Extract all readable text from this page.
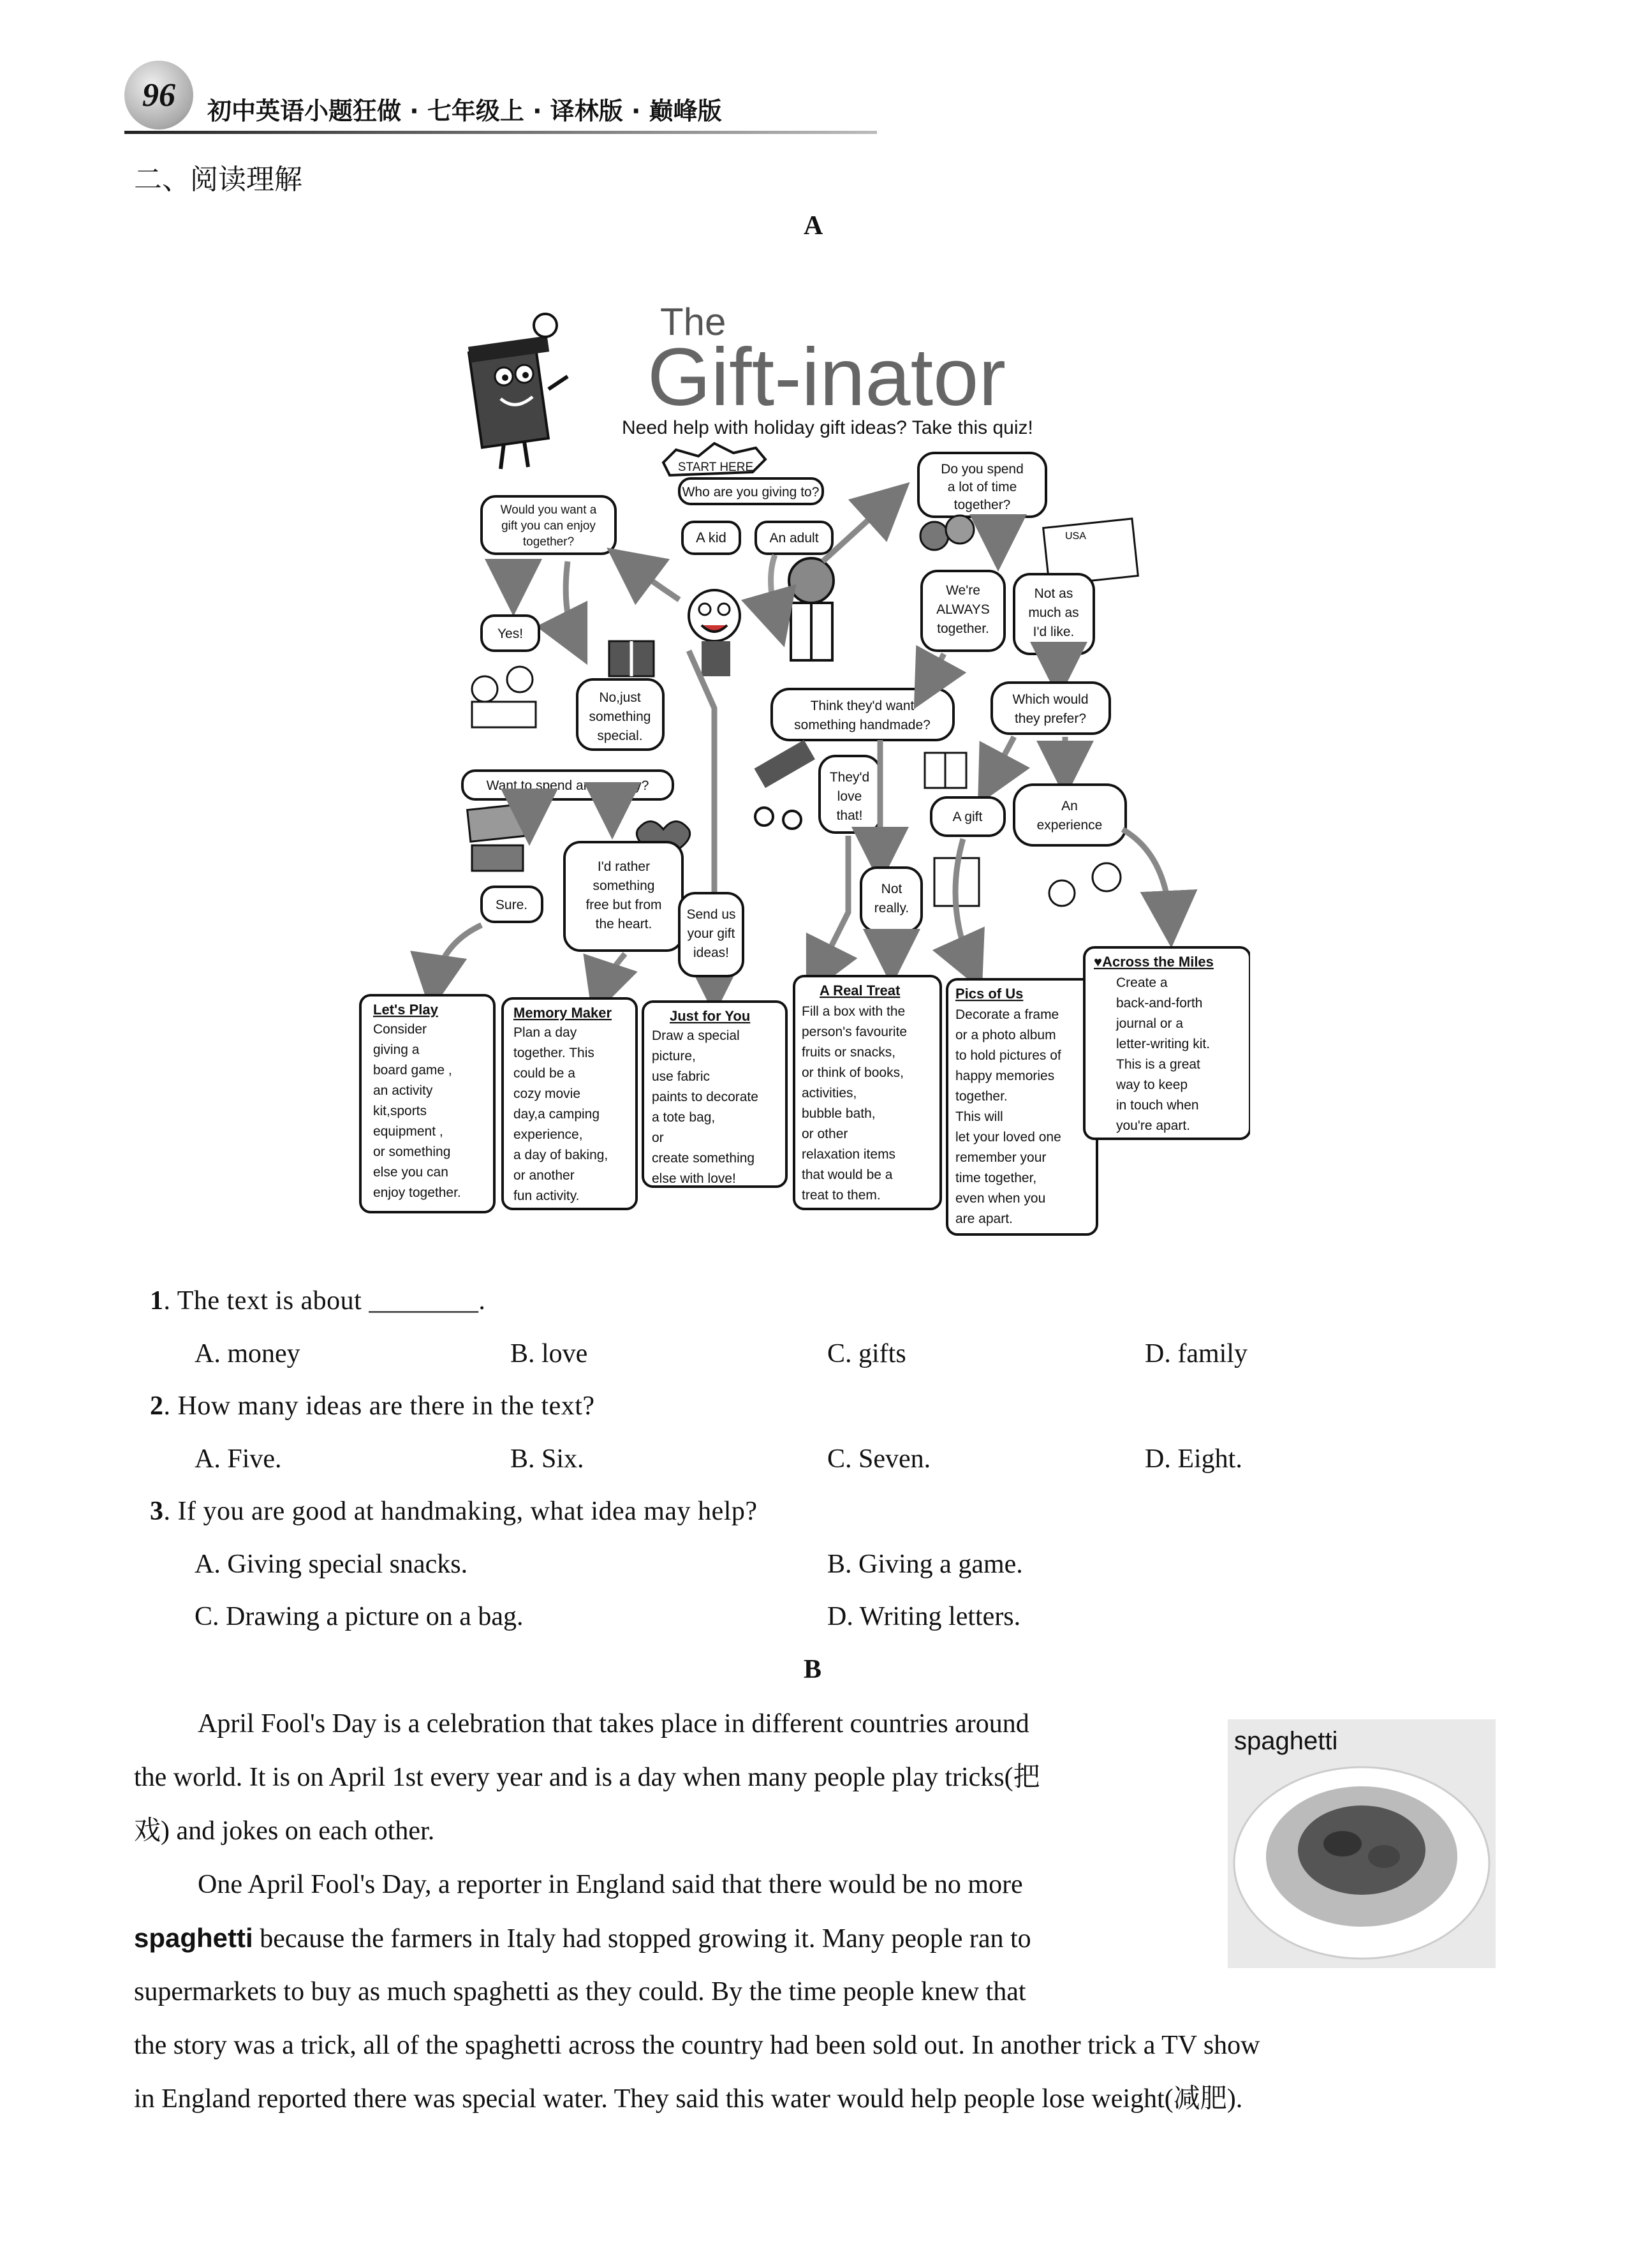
96 初中英语小题狂做 · 七年级上 · 译林版 · 巅峰版
二、阅读理解
A
The
Gift-inator
Need help with holiday gift ideas? Take this quiz!
START HERE
Who are you giving to?
A kid	An adult
Would you want a
gift you can enjoy
together?
Yes!
No,just
something
special.
Want to spend any money?
Sure.
I'd rather
something
free but from
the heart.
Send us
your gift
ideas!
Think they'd want
something handmade?
They'd
love
that!
Not
really.
Do you spend
a lot of time
together?
USA
We're
ALWAYS
together.
Not as
much as
I'd like.
Which would
they prefer?
A gift
An
experience
Let's Play
Consider
giving a
board game ,
an activity
kit,sports
equipment ,
or something
else you can
enjoy together.
Memory Maker
Plan a day
together. This
could be a
cozy movie
day,a camping
experience,
a day of baking,
or another
fun activity.
Just for You
Draw a special
picture,
use fabric
paints to decorate
a tote bag,
or
create something
else with love!
A Real Treat
Fill a box with the
person's favourite
fruits or snacks,
or think of books,
activities,
bubble bath,
or other
relaxation items
that would be a
treat to them.
Pics of Us
Decorate a frame
or a photo album
to hold pictures of
happy memories
together.
This will
let your loved one
remember your
time together,
even when you
are apart.
♥Across the Miles
Create a
back-and-forth
journal or a
letter-writing kit.
This is a great
way to keep
in touch when
you're apart.
1. The text is about ________.
A. money	B. love	C. gifts	D. family
2. How many ideas are there in the text?
A. Five.	B. Six.	C. Seven.	D. Eight.
3. If you are good at handmaking, what idea may help?
A. Giving special snacks.	B. Giving a game.
C. Drawing a picture on a bag.	D. Writing letters.
B
spaghetti
April Fool's Day is a celebration that takes place in different countries around
the world. It is on April 1st every year and is a day when many people play tricks(把
戏) and jokes on each other.
One April Fool's Day, a reporter in England said that there would be no more
spaghetti because the farmers in Italy had stopped growing it. Many people ran to
supermarkets to buy as much spaghetti as they could. By the time people knew that
the story was a trick, all of the spaghetti across the country had been sold out. In another trick a TV show
in England reported there was special water. They said this water would help people lose weight(减肥).
